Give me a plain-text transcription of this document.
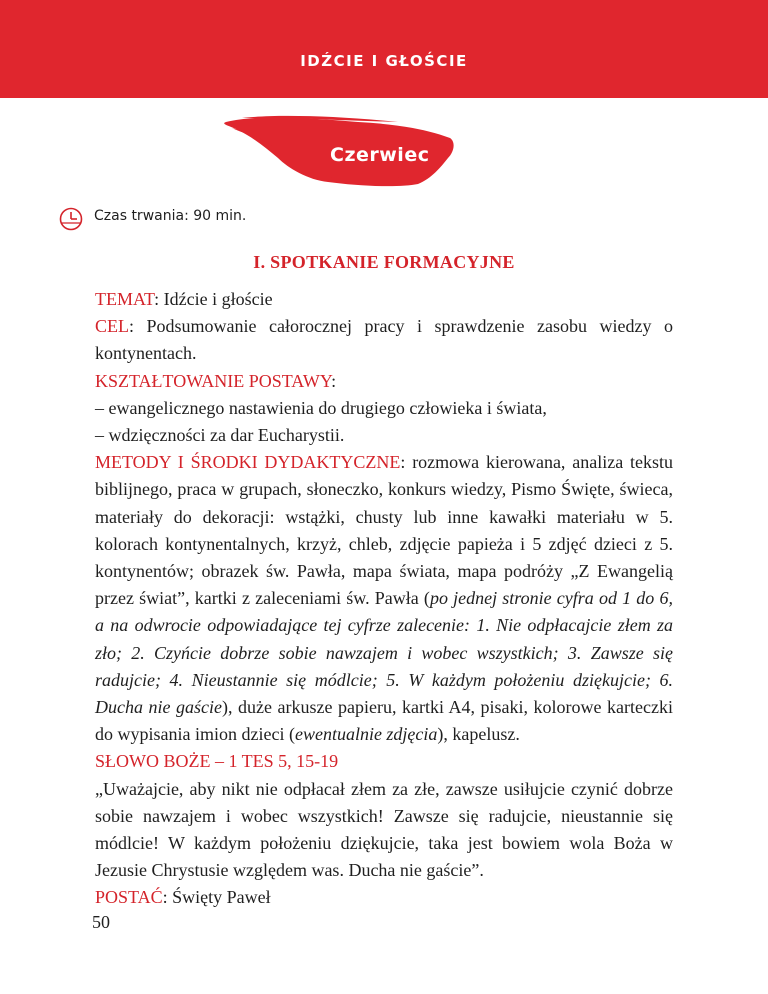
IDŹCIE I GŁOŚCIE
Czerwiec
Czas trwania: 90 min.
I. SPOTKANIE FORMACYJNE

TEMAT: Idźcie i głoście

CEL: Podsumowanie całorocznej pracy i sprawdzenie zasobu wiedzy o kontynentach.

KSZTAŁTOWANIE POSTAWY:

– ewangelicznego nastawienia do drugiego człowieka i świata,

– wdzięczności za dar Eucharystii.

METODY I ŚRODKI DYDAKTYCZNE: rozmowa kierowana, analiza tekstu biblijnego, praca w grupach, słoneczko, konkurs wiedzy, Pismo Święte, świeca, materiały do dekoracji: wstążki, chusty lub inne kawałki materiału w 5. kolorach kontynentalnych, krzyż, chleb, zdjęcie papieża i 5 zdjęć dzieci z 5. kontynentów; obrazek św. Pawła, mapa świata, mapa podróży „Z Ewangelią przez świat”, kartki z zaleceniami św. Pawła (po jednej stronie cyfra od 1 do 6, a na odwrocie odpowiadające tej cyfrze zalecenie: 1. Nie odpłacajcie złem za zło; 2. Czyńcie dobrze sobie nawzajem i wobec wszystkich; 3. Zawsze się radujcie; 4. Nieustannie się módlcie; 5. W każdym położeniu dziękujcie; 6. Ducha nie gaście), duże arkusze papieru, kartki A4, pisaki, kolorowe karteczki do wypisania imion dzieci (ewentualnie zdjęcia), kapelusz.

SŁOWO BOŻE – 1 TES 5, 15-19

„Uważajcie, aby nikt nie odpłacał złem za złe, zawsze usiłujcie czynić dobrze sobie nawzajem i wobec wszystkich! Zawsze się radujcie, nieustannie się módlcie! W każdym położeniu dziękujcie, taka jest bowiem wola Boża w Jezusie Chrystusie względem was. Ducha nie gaście”.

POSTAĆ: Święty Paweł

50
